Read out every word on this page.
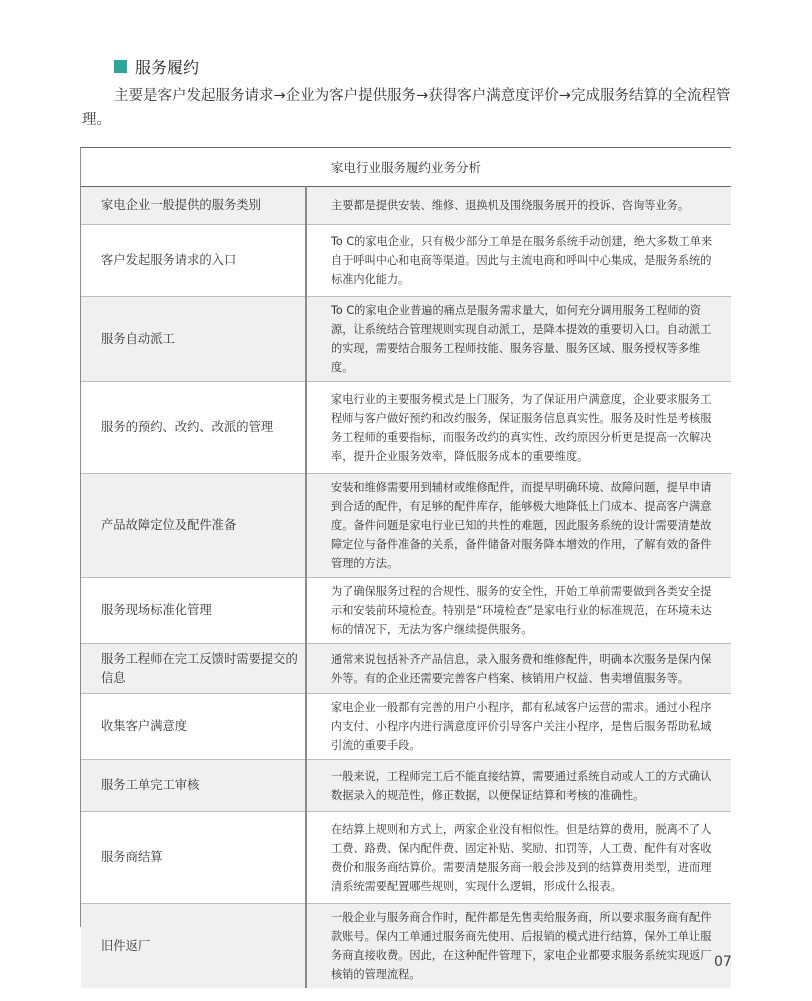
服务履约
主要是客户发起服务请求→企业为客户提供服务→获得客户满意度评价→完成服务结算的全流程管理。
家电行业服务履约业务分析	
家电企业一般提供的服务类别	主要都是提供安装、维修、退换机及围绕服务展开的投诉、咨询等业务。
客户发起服务请求的入口	To C的家电企业，只有极少部分工单是在服务系统手动创建，绝大多数工单来自于呼叫中心和电商等渠道。因此与主流电商和呼叫中心集成，是服务系统的标准内化能力。
服务自动派工	To C的家电企业普遍的痛点是服务需求量大，如何充分调用服务工程师的资源，让系统结合管理规则实现自动派工，是降本提效的重要切入口。自动派工的实现，需要结合服务工程师技能、服务容量、服务区域、服务授权等多维度。
服务的预约、改约、改派的管理	家电行业的主要服务模式是上门服务，为了保证用户满意度，企业要求服务工程师与客户做好预约和改约服务，保证服务信息真实性。服务及时性是考核服务工程师的重要指标，而服务改约的真实性、改约原因分析更是提高一次解决率，提升企业服务效率，降低服务成本的重要维度。
产品故障定位及配件准备	安装和维修需要用到辅材或维修配件，而提早明确环境、故障问题，提早申请到合适的配件，有足够的配件库存，能够极大地降低上门成本、提高客户满意度。备件问题是家电行业已知的共性的难题，因此服务系统的设计需要清楚故障定位与备件准备的关系，备件储备对服务降本增效的作用，了解有效的备件管理的方法。
服务现场标准化管理	为了确保服务过程的合规性、服务的安全性，开始工单前需要做到各类安全提示和安装前环境检查。特别是“环境检查”是家电行业的标准规范，在环境未达标的情况下，无法为客户继续提供服务。
服务工程师在完工反馈时需要提交的信息	通常来说包括补齐产品信息，录入服务费和维修配件，明确本次服务是保内保外等。有的企业还需要完善客户档案、核销用户权益、售卖增值服务等。
收集客户满意度	家电企业一般都有完善的用户小程序，都有私域客户运营的需求。通过小程序内支付、小程序内进行满意度评价引导客户关注小程序，是售后服务帮助私域引流的重要手段。
服务工单完工审核	一般来说，工程师完工后不能直接结算，需要通过系统自动或人工的方式确认数据录入的规范性，修正数据，以便保证结算和考核的准确性。
服务商结算	在结算上规则和方式上，两家企业没有相似性。但是结算的费用，脱离不了人工费、路费、保内配件费、固定补贴、奖励、扣罚等，人工费、配件有对客收费价和服务商结算价。需要清楚服务商一般会涉及到的结算费用类型，进而理清系统需要配置哪些规则，实现什么逻辑，形成什么报表。
旧件返厂	一般企业与服务商合作时，配件都是先售卖给服务商，所以要求服务商有配件款账号。保内工单通过服务商先使用、后报销的模式进行结算，保外工单让服务商直接收费。因此，在这种配件管理下，家电企业都要求服务系统实现返厂核销的管理流程。
07
